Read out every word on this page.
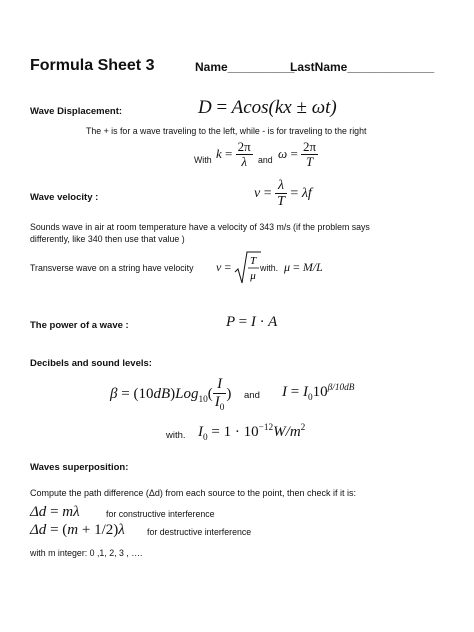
Formula Sheet 3	Name__________
LastName_____________
Wave Displacement:	D = Acos(kx ± ωt)
The + is for a wave traveling to the left, while - is for traveling to the right
With $k = \frac{2\pi}{\lambda}$ and $\omega = \frac{2\pi}{T}$
Wave velocity :	$v = \frac{\lambda}{T} = \lambda f$
Sounds wave in air at room temperature have a velocity of 343 m/s (if the problem says
differently, like 340 then use that value )
Transverse wave on a string have velocity v = T
μ
with. μ = M/L
The power of a wave :	P = I · A
Decibels and sound levels:
$\beta = (10dB)Log_{10}( \frac{I}{I_0}$ ) and $I = I_010^{\beta/10dB}$
with. $I_0 = 1 \cdot 10^{-12}W/m^2$
Waves superposition:
Compute the path difference (Δd) from each source to the point, then check if it is:
Δd = mλ	for constructive interference
Δd = (m + 1/2)λ	for destructive interference
with m integer: 0 ,1, 2, 3 , ….
